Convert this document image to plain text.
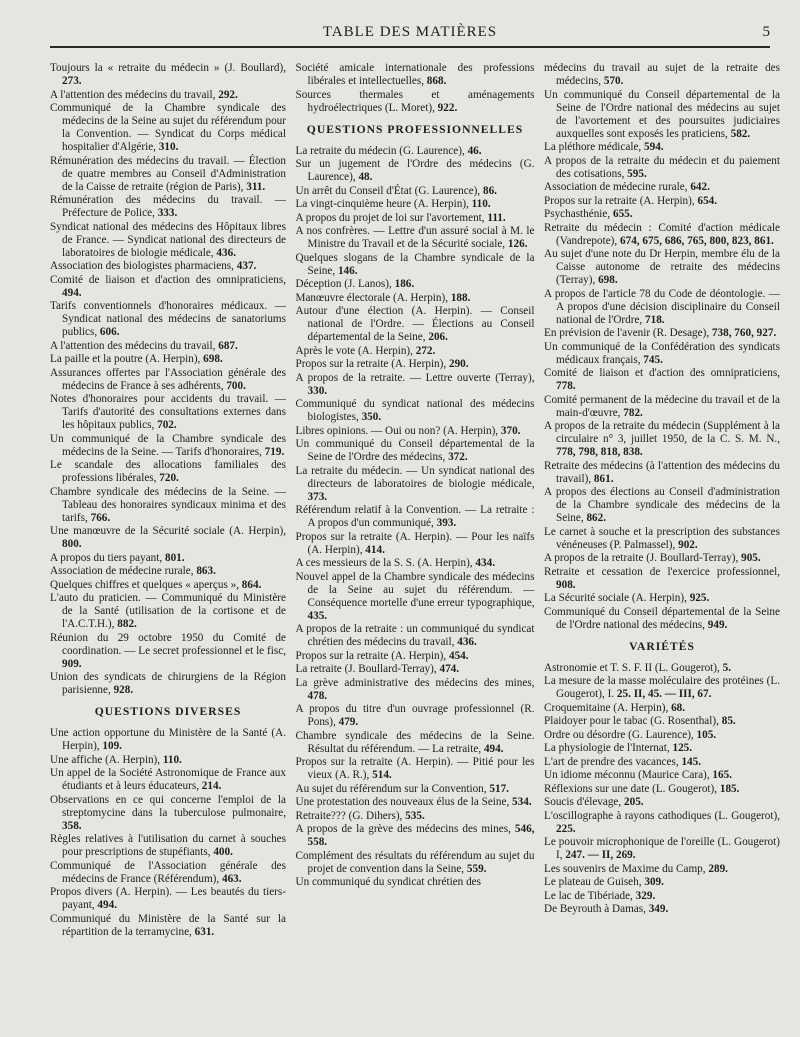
TABLE DES MATIÈRES	5
Toujours la « retraite du médecin » (J. Boullard), 273.
A l'attention des médecins du travail, 292.
Communiqué de la Chambre syndicale des médecins de la Seine au sujet du référendum pour la Convention. — Syndicat du Corps médical hospitalier d'Algérie, 310.
Rémunération des médecins du travail. — Élection de quatre membres au Conseil d'Administration de la Caisse de retraite (région de Paris), 311.
Rémunération des médecins du travail. — Préfecture de Police, 333.
Syndicat national des médecins des Hôpitaux libres de France. — Syndicat national des directeurs de laboratoires de biologie médicale, 436.
Association des biologistes pharmaciens, 437.
Comité de liaison et d'action des omnipraticiens, 494.
Tarifs conventionnels d'honoraires médicaux. — Syndicat national des médecins de sanatoriums publics, 606.
A l'attention des médecins du travail, 687.
La paille et la poutre (A. Herpin), 698.
Assurances offertes par l'Association générale des médecins de France à ses adhérents, 700.
Notes d'honoraires pour accidents du travail. — Tarifs d'autorité des consultations externes dans les hôpitaux publics, 702.
Un communiqué de la Chambre syndicale des médecins de la Seine. — Tarifs d'honoraires, 719.
Le scandale des allocations familiales des professions libérales, 720.
Chambre syndicale des médecins de la Seine. — Tableau des honoraires syndicaux minima et des tarifs, 766.
Une manœuvre de la Sécurité sociale (A. Herpin), 800.
A propos du tiers payant, 801.
Association de médecine rurale, 863.
Quelques chiffres et quelques « aperçus », 864.
L'auto du praticien. — Communiqué du Ministère de la Santé (utilisation de la cortisone et de l'A.C.T.H.), 882.
Réunion du 29 octobre 1950 du Comité de coordination. — Le secret professionnel et le fisc, 909.
Union des syndicats de chirurgiens de la Région parisienne, 928.
QUESTIONS DIVERSES
Une action opportune du Ministère de la Santé (A. Herpin), 109.
Une affiche (A. Herpin), 110.
Un appel de la Société Astronomique de France aux étudiants et à leurs éducateurs, 214.
Observations en ce qui concerne l'emploi de la streptomycine dans la tuberculose pulmonaire, 358.
Règles relatives à l'utilisation du carnet à souches pour prescriptions de stupéfiants, 400.
Communiqué de l'Association générale des médecins de France (Référendum), 463.
Propos divers (A. Herpin). — Les beautés du tiers-payant, 494.
Communiqué du Ministère de la Santé sur la répartition de la terramycine, 631.
Société amicale internationale des professions libérales et intellectuelles, 868.
Sources thermales et aménagements hydroélectriques (L. Moret), 922.
QUESTIONS PROFESSIONNELLES
La retraite du médecin (G. Laurence), 46.
Sur un jugement de l'Ordre des médecins (G. Laurence), 48.
Un arrêt du Conseil d'État (G. Laurence), 86.
La vingt-cinquième heure (A. Herpin), 110.
A propos du projet de loi sur l'avortement, 111.
A nos confrères. — Lettre d'un assuré social à M. le Ministre du Travail et de la Sécurité sociale, 126.
Quelques slogans de la Chambre syndicale de la Seine, 146.
Déception (J. Lanos), 186.
Manœuvre électorale (A. Herpin), 188.
Autour d'une élection (A. Herpin). — Conseil national de l'Ordre. — Élections au Conseil départemental de la Seine, 206.
Après le vote (A. Herpin), 272.
Propos sur la retraite (A. Herpin), 290.
A propos de la retraite. — Lettre ouverte (Terray), 330.
Communiqué du syndicat national des médecins biologistes, 350.
Libres opinions. — Oui ou non? (A. Herpin), 370.
Un communiqué du Conseil départemental de la Seine de l'Ordre des médecins, 372.
La retraite du médecin. — Un syndicat national des directeurs de laboratoires de biologie médicale, 373.
Référendum relatif à la Convention. — La retraite : A propos d'un communiqué, 393.
Propos sur la retraite (A. Herpin). — Pour les naïfs (A. Herpin), 414.
A ces messieurs de la S. S. (A. Herpin), 434.
Nouvel appel de la Chambre syndicale des médecins de la Seine au sujet du référendum. — Conséquence mortelle d'une erreur typographique, 435.
A propos de la retraite : un communiqué du syndicat chrétien des médecins du travail, 436.
Propos sur la retraite (A. Herpin), 454.
La retraite (J. Boullard-Terray), 474.
La grève administrative des médecins des mines, 478.
A propos du titre d'un ouvrage professionnel (R. Pons), 479.
Chambre syndicale des médecins de la Seine. Résultat du référendum. — La retraite, 494.
Propos sur la retraite (A. Herpin). — Pitié pour les vieux (A. R.), 514.
Au sujet du référendum sur la Convention, 517.
Une protestation des nouveaux élus de la Seine, 534.
Retraite??? (G. Dihers), 535.
A propos de la grève des médecins des mines, 546, 558.
Complément des résultats du référendum au sujet du projet de convention dans la Seine, 559.
Un communiqué du syndicat chrétien des
médecins du travail au sujet de la retraite des médecins, 570.
Un communiqué du Conseil départemental de la Seine de l'Ordre national des médecins au sujet de l'avortement et des poursuites judiciaires auxquelles sont exposés les praticiens, 582.
La pléthore médicale, 594.
A propos de la retraite du médecin et du paiement des cotisations, 595.
Association de médecine rurale, 642.
Propos sur la retraite (A. Herpin), 654.
Psychasthénie, 655.
Retraite du médecin : Comité d'action médicale (Vandrepote), 674, 675, 686, 765, 800, 823, 861.
Au sujet d'une note du Dr Herpin, membre élu de la Caisse autonome de retraite des médecins (Terray), 698.
A propos de l'article 78 du Code de déontologie. — A propos d'une décision disciplinaire du Conseil national de l'Ordre, 718.
En prévision de l'avenir (R. Desage), 738, 760, 927.
Un communiqué de la Confédération des syndicats médicaux français, 745.
Comité de liaison et d'action des omnipraticiens, 778.
Comité permanent de la médecine du travail et de la main-d'œuvre, 782.
A propos de la retraite du médecin (Supplément à la circulaire n° 3, juillet 1950, de la C. S. M. N., 778, 798, 818, 838.
Retraite des médecins (à l'attention des médecins du travail), 861.
A propos des élections au Conseil d'administration de la Chambre syndicale des médecins de la Seine, 862.
Le carnet à souche et la prescription des substances vénéneuses (P. Palmassel), 902.
A propos de la retraite (J. Boullard-Terray), 905.
Retraite et cessation de l'exercice professionnel, 908.
La Sécurité sociale (A. Herpin), 925.
Communiqué du Conseil départemental de la Seine de l'Ordre national des médecins, 949.
VARIÉTÉS
Astronomie et T. S. F. II (L. Gougerot), 5.
La mesure de la masse moléculaire des protéines (L. Gougerot), I. 25. II, 45. — III, 67.
Croquemitaine (A. Herpin), 68.
Plaidoyer pour le tabac (G. Rosenthal), 85.
Ordre ou désordre (G. Laurence), 105.
La physiologie de l'Internat, 125.
L'art de prendre des vacances, 145.
Un idiome méconnu (Maurice Cara), 165.
Réflexions sur une date (L. Gougerot), 185.
Soucis d'élevage, 205.
L'oscillographe à rayons cathodiques (L. Gougerot), 225.
Le pouvoir microphonique de l'oreille (L. Gougerot) I, 247. — II, 269.
Les souvenirs de Maxime du Camp, 289.
Le plateau de Guiseh, 309.
Le lac de Tibériade, 329.
De Beyrouth à Damas, 349.
